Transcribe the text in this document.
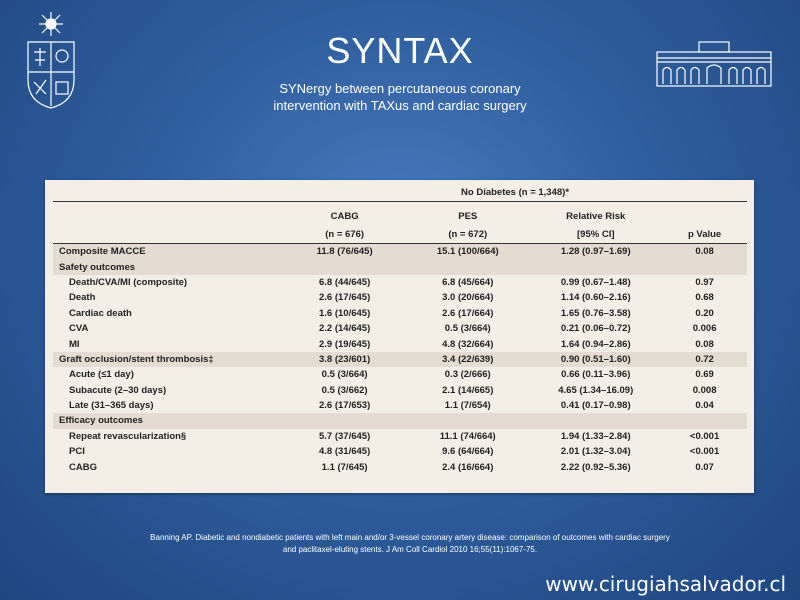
SYNTAX
SYNergy between percutaneous coronary
intervention with TAXus and cardiac surgery
	No Diabetes (n = 1,348)*			
	CABG	PES	Relative Risk	
	(n = 676)	(n = 672)	[95% CI]	p Value
Composite MACCE	11.8 (76/645)	15.1 (100/664)	1.28 (0.97–1.69)	0.08
Safety outcomes				
Death/CVA/MI (composite)	6.8 (44/645)	6.8 (45/664)	0.99 (0.67–1.48)	0.97
Death	2.6 (17/645)	3.0 (20/664)	1.14 (0.60–2.16)	0.68
Cardiac death	1.6 (10/645)	2.6 (17/664)	1.65 (0.76–3.58)	0.20
CVA	2.2 (14/645)	0.5 (3/664)	0.21 (0.06–0.72)	0.006
MI	2.9 (19/645)	4.8 (32/664)	1.64 (0.94–2.86)	0.08
Graft occlusion/stent thrombosis‡	3.8 (23/601)	3.4 (22/639)	0.90 (0.51–1.60)	0.72
Acute (≤1 day)	0.5 (3/664)	0.3 (2/666)	0.66 (0.11–3.96)	0.69
Subacute (2–30 days)	0.5 (3/662)	2.1 (14/665)	4.65 (1.34–16.09)	0.008
Late (31–365 days)	2.6 (17/653)	1.1 (7/654)	0.41 (0.17–0.98)	0.04
Efficacy outcomes				
Repeat revascularization§	5.7 (37/645)	11.1 (74/664)	1.94 (1.33–2.84)	<0.001
PCI	4.8 (31/645)	9.6 (64/664)	2.01 (1.32–3.04)	<0.001
CABG	1.1 (7/645)	2.4 (16/664)	2.22 (0.92–5.36)	0.07
Banning AP. Diabetic and nondiabetic patients with left main and/or 3-vessel coronary artery disease: comparison of outcomes with cardiac surgery
and paclitaxel-eluting stents. J Am Coll Cardiol 2010 16;55(11):1067-75.
www.cirugiahsalvador.cl
